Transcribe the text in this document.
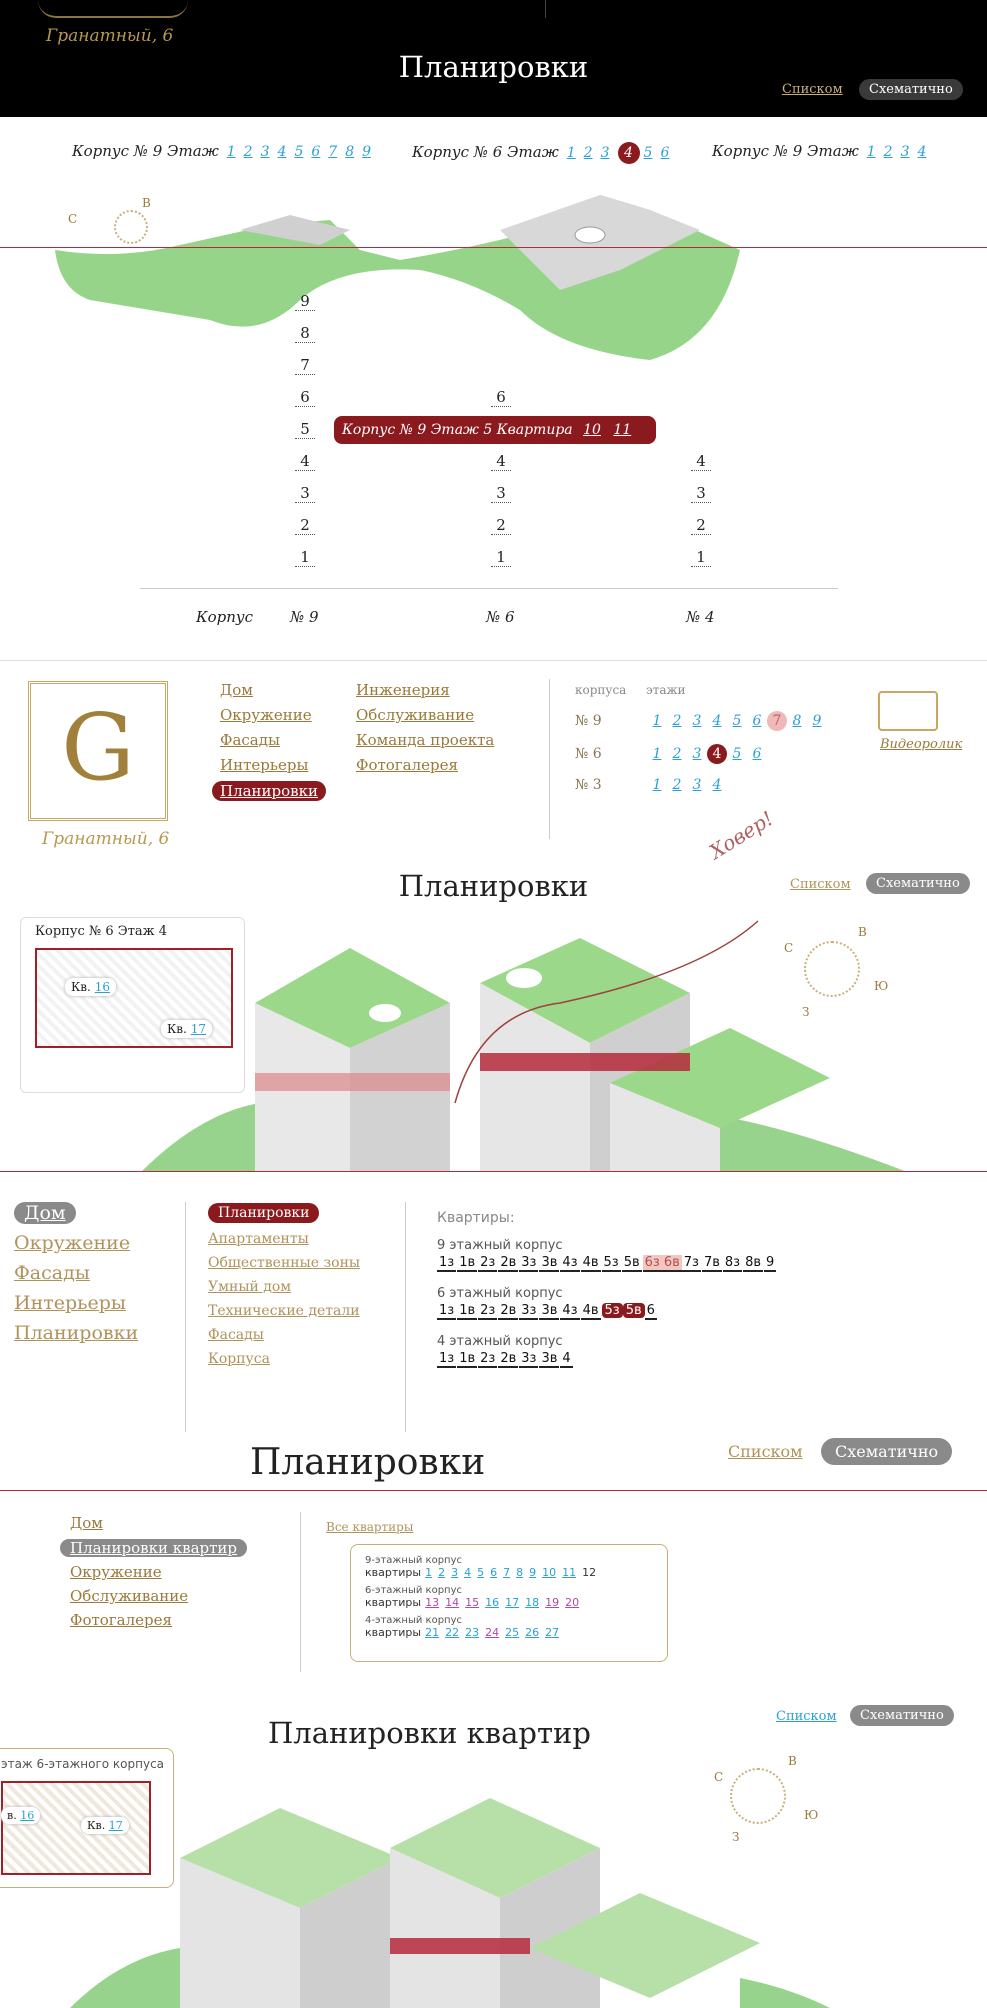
Гранатный, 6
Планировки
Списком	Схематично
Корпус № 9 Этаж 1 2 3 4 5 6 7 8 9	Корпус № 6 Этаж 1 2 3 4 5 6	Корпус № 9 Этаж 1 2 3 4
С
В
9
8
7
6
5
4
3
2
1
6
4
3
2
1
4
3
2
1
Корпус № 9 Этаж 5 Квартира 10 11
Корпус № 9	№ 6	№ 4
G
Гранатный, 6
Дом
Окружение
Фасады
Интерьеры
Планировки

Инженерия
Обслуживание
Команда проекта
Фотогалерея
корпуса этажи
№ 9	1 2 3 4 5 6 7 8 9
№ 6	1 2 3 4 5 6
№ 3	1 2 3 4
Видеоролик
Ховер!
Планировки	Списком	Схематично
Корпус № 6 Этаж 4
Кв. 16
Кв. 17
С
В
Ю
З
Дом

Окружение
Фасады
Интерьеры
Планировки
Планировки

Апартаменты
Общественные зоны
Умный дом
Технические детали
Фасады
Корпуса
Квартиры:
9 этажный корпус
1з 1в 2з 2в 3з 3в 4з 4в 5з 5в 6з 6в 7з 7в 8з 8в 9
6 этажный корпус
1з 1в 2з 2в 3з 3в 4з 4в 5з 5в 6
4 этажный корпус
1з 1в 2з 2в 3з 3в 4
Планировки	Списком	Схематично
Дом
Планировки квартир

Окружение
Обслуживание
Фотогалерея
Все квартиры
9-этажный корпус
квартиры 1 2 3 4 5 6 7 8 9 10 11 12
6-этажный корпус
квартиры 13 14 15 16 17 18 19 20
4-этажный корпус
квартиры 21 22 23 24 25 26 27
Списком	Схематично
Планировки квартир
этаж 6-этажного корпуса
в. 16
Кв. 17
С
В
Ю
З
